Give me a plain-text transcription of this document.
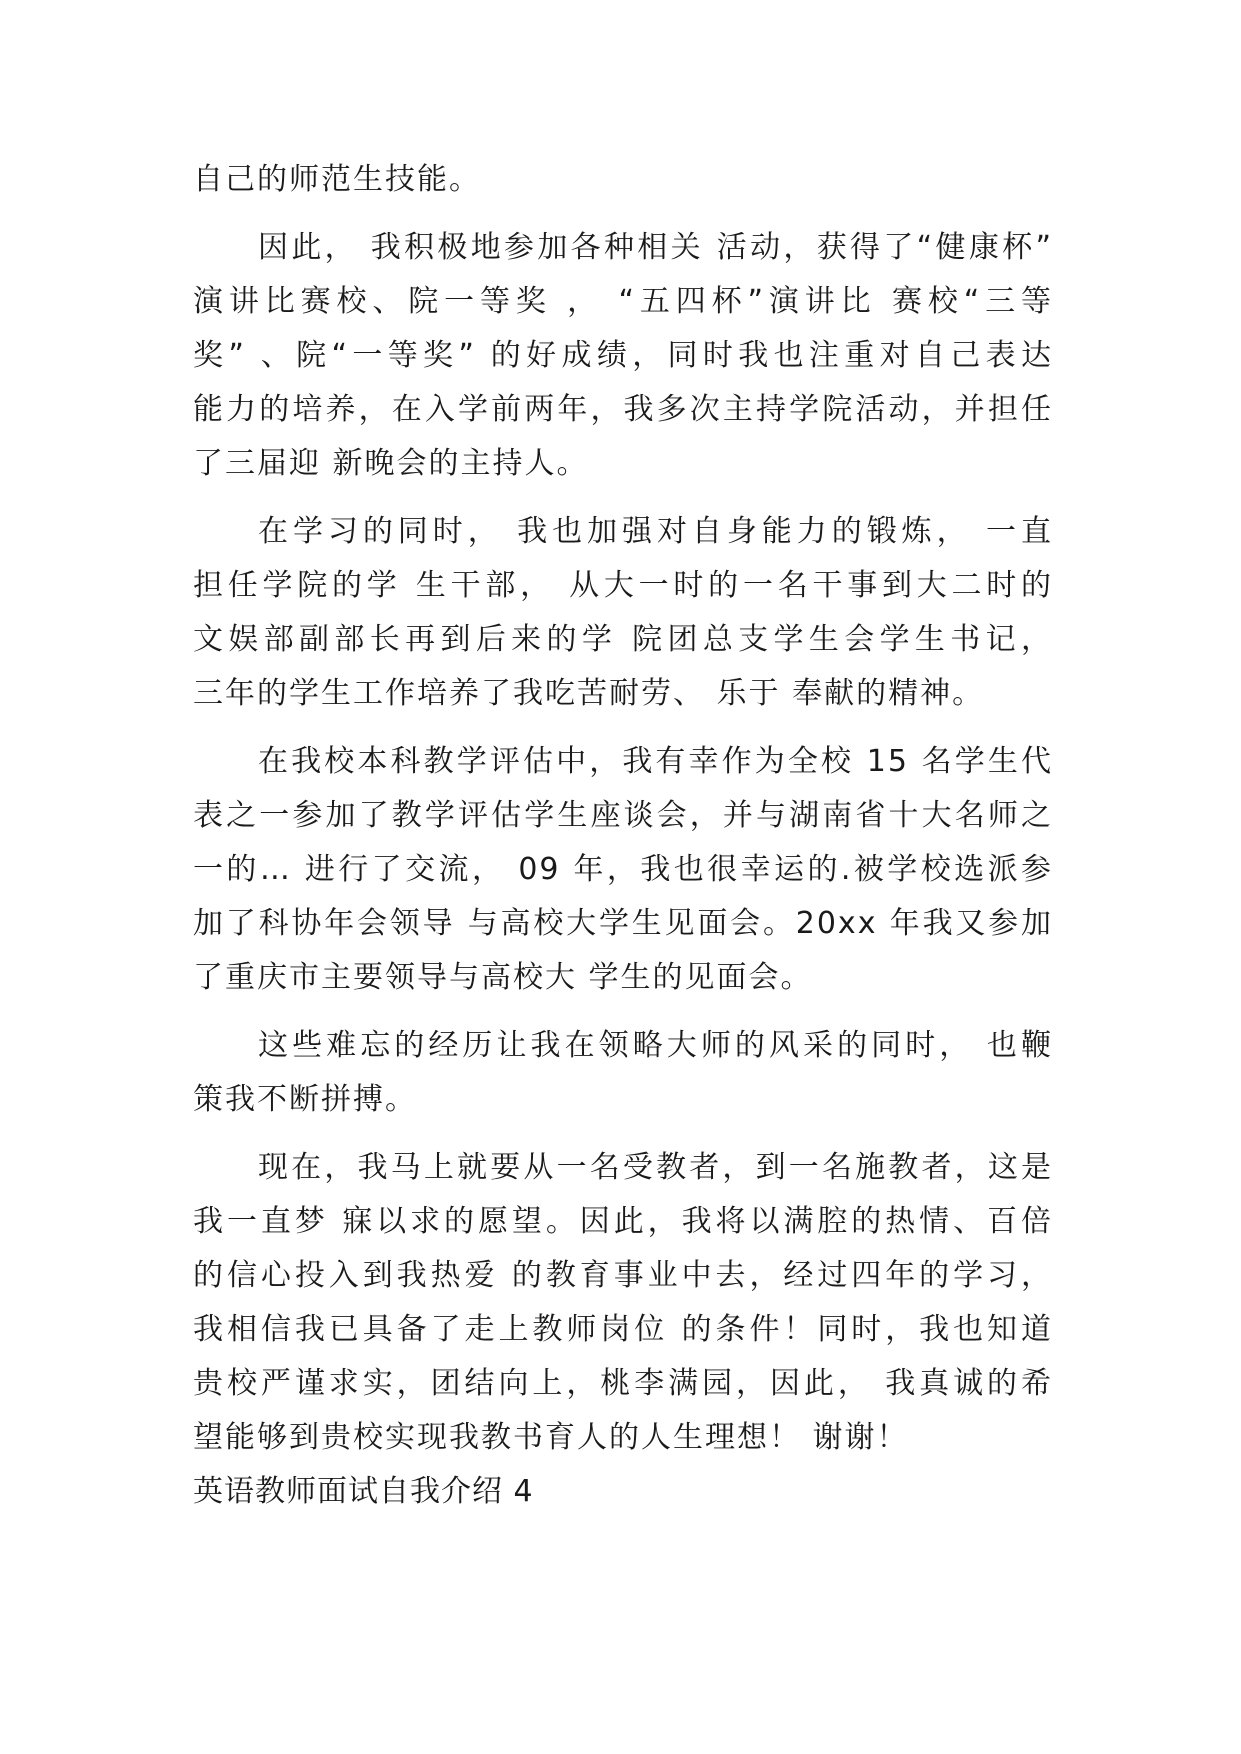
自己的师范生技能。
因此， 我积极地参加各种相关 活动，获得了“健康杯”
演讲比赛校、院一等奖 ， “五四杯”演讲比 赛校“三等
奖” 、院“一等奖” 的好成绩，同时我也注重对自己表达
能力的培养，在入学前两年，我多次主持学院活动，并担任
了三届迎 新晚会的主持人。
在学习的同时， 我也加强对自身能力的锻炼， 一直
担任学院的学 生干部， 从大一时的一名干事到大二时的
文娱部副部长再到后来的学 院团总支学生会学生书记，
三年的学生工作培养了我吃苦耐劳、 乐于 奉献的精神。
在我校本科教学评估中，我有幸作为全校 15 名学生代
表之一参加了教学评估学生座谈会，并与湖南省十大名师之
一的… 进行了交流， 09 年，我也很幸运的.被学校选派参
加了科协年会领导 与高校大学生见面会。20xx 年我又参加
了重庆市主要领导与高校大 学生的见面会。
这些难忘的经历让我在领略大师的风采的同时， 也鞭
策我不断拼搏。
现在，我马上就要从一名受教者，到一名施教者，这是
我一直梦 寐以求的愿望。因此，我将以满腔的热情、百倍
的信心投入到我热爱 的教育事业中去，经过四年的学习，
我相信我已具备了走上教师岗位 的条件！同时，我也知道
贵校严谨求实，团结向上，桃李满园，因此， 我真诚的希
望能够到贵校实现我教书育人的人生理想！ 谢谢！
英语教师面试自我介绍 4
